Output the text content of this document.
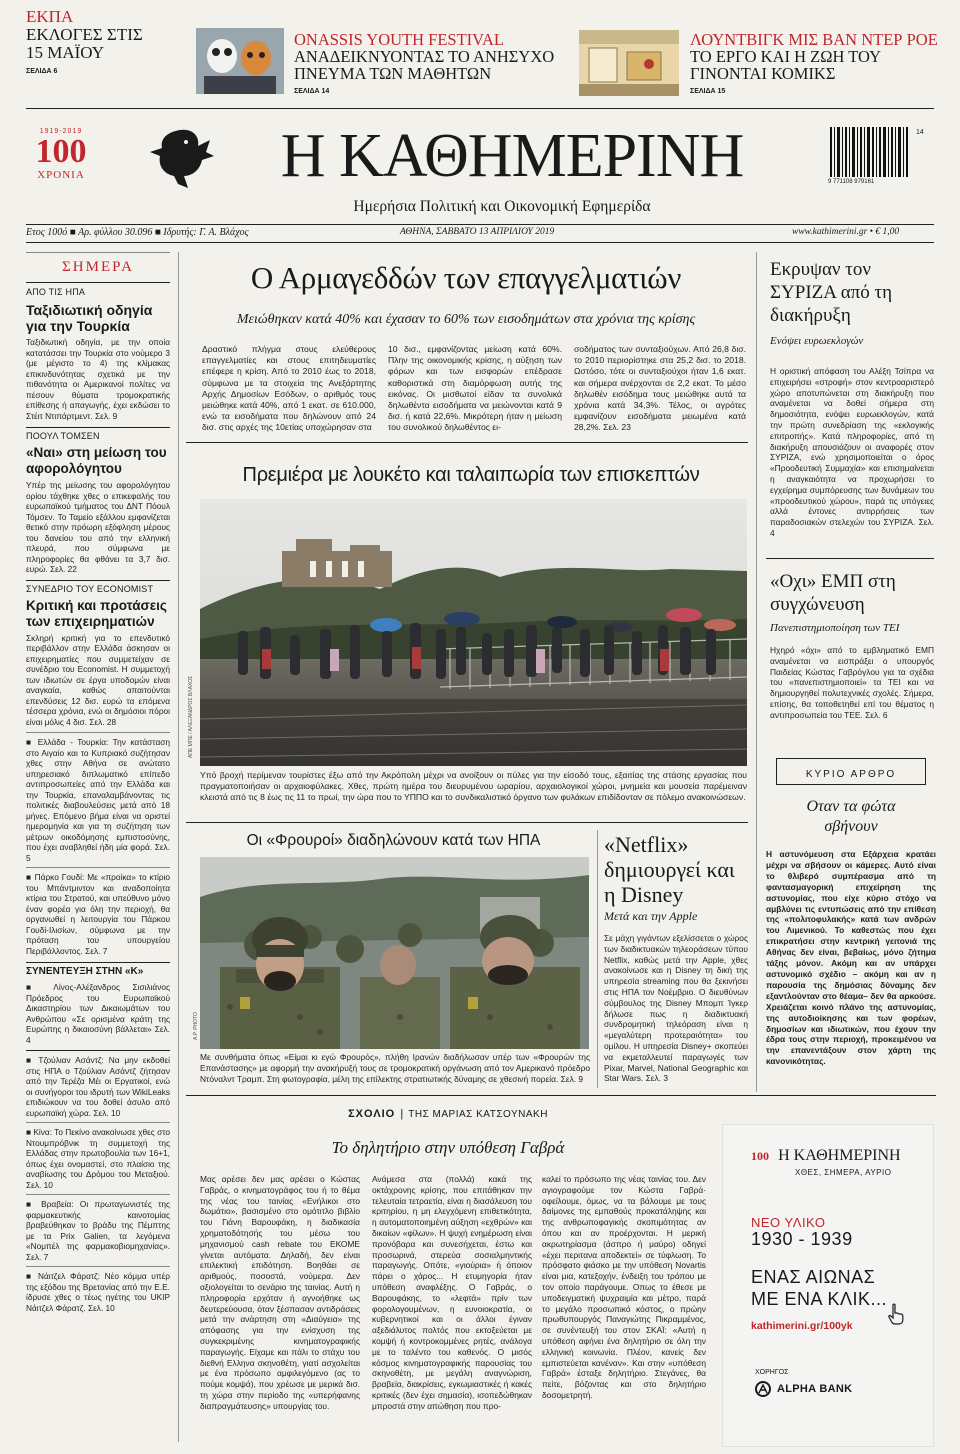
ΕΚΠΑ
ΕΚΛΟΓΕΣ ΣΤΙΣ 15 ΜΑΪΟΥ
ΣΕΛΙΔΑ 6
ONASSIS YOUTH FESTIVAL
ΑΝΑΔΕΙΚΝΥΟΝΤΑΣ ΤΟ ΑΝΗΣΥΧΟ ΠΝΕΥΜΑ ΤΩΝ ΜΑΘΗΤΩΝ
ΣΕΛΙΔΑ 14
ΛΟΥΝΤΒΙΓΚ ΜΙΣ ΒΑΝ ΝΤΕΡ ΡΟΕ
ΤΟ ΕΡΓΟ ΚΑΙ Η ΖΩΗ ΤΟΥ ΓΙΝΟΝΤΑΙ ΚΟΜΙΚΣ
ΣΕΛΙΔΑ 15
1919-2019
100
ΧΡΟΝΙΑ	Η ΚΑΘΗΜΕΡΙΝΗ
Ημερήσια Πολιτική και Οικονομική Εφημερίδα
9 771108 979161
14
Ετος 100ό ■ Αρ. φύλλου 30.096 ■ Ιδρυτής: Γ. Α. Βλάχος	ΑΘΗΝΑ, ΣΑΒΒΑΤΟ 13 ΑΠΡΙΛΙΟΥ 2019	www.kathimerini.gr • € 1,00
ΣΗΜΕΡΑ
ΑΠΟ ΤΙΣ ΗΠΑ
Ταξιδιωτική οδηγία για την Τουρκία
Ταξιδιωτική οδηγία, με την οποία κατατάσσει την Τουρκία στο νούμερο 3 (με μέγιστο το 4) της κλίμακας επικινδυνότητας σχετικά με την πιθανότητα οι Αμερικανοί πολίτες να πέσουν θύματα τρομοκρατικής επίθεσης ή απαγωγής, έχει εκδώσει το Στέιτ Ντιπάρτμεντ. Σελ. 9
ΠΟΟΥΛ ΤΟΜΣΕΝ
«Ναι» στη μείωση του αφορολόγητου
Υπέρ της μείωσης του αφορολόγητου ορίου τάχθηκε χθες ο επικεφαλής του ευρωπαϊκού τμήματος του ΔΝΤ Πόουλ Τόμσεν. Το Ταμείο εξάλλου εμφανίζεται θετικό στην πρόωρη εξόφληση μέρους του δανείου του από την ελληνική πλευρά, που σύμφωνα με πληροφορίες θα φθάνει τα 3,7 δισ. ευρώ. Σελ. 22
ΣΥΝΕΔΡΙΟ ΤΟΥ ECONOMIST
Κριτική και προτάσεις των επιχειρηματιών
Σκληρή κριτική για το επενδυτικό περιβάλλον στην Ελλάδα άσκησαν οι επιχειρηματίες που συμμετείχαν σε συνέδριο του Economist. Η συμμετοχή των ιδιωτών σε έργα υποδομών είναι αναγκαία, καθώς απαιτούνται επενδύσεις 12 δισ. ευρώ τα επόμενα τέσσερα χρόνια, ενώ οι δημόσιοι πόροι είναι μόλις 4 δισ. Σελ. 28
■ Ελλάδα - Τουρκία: Την κατάσταση στο Αιγαίο και το Κυπριακό συζήτησαν χθες στην Αθήνα σε ανώτατο υπηρεσιακό διπλωματικό επίπεδο αντιπροσωπείες από την Ελλάδα και την Τουρκία, επαναλαμβάνοντας τις πολιτικές διαβουλεύσεις μετά από 18 μήνες. Επόμενο βήμα είναι να οριστεί ημερομηνία και για τη συζήτηση των μέτρων οικοδόμησης εμπιστοσύνης, που έχει αναβληθεί ήδη μία φορά. Σελ. 5
■ Πάρκο Γουδί: Με «προίκα» το κτίριο του Μπάντμιντον και αναδοποίητα κτίρια του Στρατού, και υπεύθυνο μόνο έναν φορέα για όλη την περιοχή, θα οργανωθεί η λειτουργία του Πάρκου Γουδί-Ιλισίων, σύμφωνα με την πρόταση του υπουργείου Περιβάλλοντος. Σελ. 7
ΣΥΝΕΝΤΕΥΞΗ ΣΤΗΝ «Κ»
■ Λίνος-Αλέξανδρος Σισιλιάνος Πρόεδρος του Ευρωπαϊκού Δικαστηρίου των Δικαιωμάτων του Ανθρώπου «Σε ορισμένα κράτη της Ευρώπης η δικαιοσύνη βάλλεται» Σελ. 4
■ Τζούλιαν Ασάντζ: Να μην εκδοθεί στις ΗΠΑ ο Τζούλιαν Ασάντζ ζήτησαν από την Τερέζα Μέι οι Εργατικοί, ενώ οι συνήγοροι του ιδρυτή των WikiLeaks επιδιώκουν να του δοθεί άσυλο από ευρωπαϊκή χώρα. Σελ. 10
■ Κίνα: Το Πεκίνο ανακοίνωσε χθες στο Ντουμπρόβνικ τη συμμετοχή της Ελλάδας στην πρωτοβουλία των 16+1, όπως έχει ονομαστεί, στο πλαίσιο της αναβίωσης του Δρόμου του Μεταξιού. Σελ. 10
■ Βραβεία: Οι πρωταγωνιστές της φαρμακευτικής καινοτομίας βραβεύθηκαν το βράδυ της Πέμπτης με τα Prix Galien, τα λεγόμενα «Νομπέλ της φαρμακοβιομηχανίας». Σελ. 7
■ Νάιτζελ Φάρατζ: Νέο κόμμα υπέρ της εξόδου της Βρετανίας από την Ε.Ε. ίδρυσε χθες ο τέως ηγέτης του UKIP Νάιτζελ Φάρατζ. Σελ. 10
Ο Αρμαγεδδών των επαγγελματιών
Μειώθηκαν κατά 40% και έχασαν το 60% των εισοδημάτων στα χρόνια της κρίσης
Δραστικό πλήγμα στους ελεύθερους επαγγελματίες και στους επιτηδευματίες επέφερε η κρίση. Από το 2010 έως το 2018, σύμφωνα με τα στοιχεία της Ανεξάρτητης Αρχής Δημοσίων Εσόδων, ο αριθμός τους μειώθηκε κατά 40%, από 1 εκατ. σε 610.000, ενώ τα εισοδήματα που δηλώνουν από 24 δισ. στις αρχές της 10ετίας υποχώρησαν στα
10 δισ., εμφανίζοντας μείωση κατά 60%. Πλην της οικονομικής κρίσης, η αύξηση των φόρων και των εισφορών επέδρασε καθοριστικά στη διαμόρφωση αυτής της εικόνας. Οι μισθωτοί είδαν τα συνολικά δηλωθέντα εισοδήματα να μειώνονται κατά 9 δισ. ή κατά 22,6%. Μικρότερη ήταν η μείωση του συνολικού δηλωθέντος ει-
σοδήματος των συνταξιούχων. Από 26,8 δισ. το 2010 περιορίστηκε στα 25,2 δισ. το 2018. Ωστόσο, τότε οι συνταξιούχοι ήταν 1,6 εκατ. και σήμερα ανέρχονται σε 2,2 εκατ. Το μέσο δηλωθέν εισόδημα τους μειώθηκε αυτά τα χρόνια κατά 34,3%. Τέλος, οι αγρότες εμφανίζουν εισοδήματα μειωμένα κατά 28,2%. Σελ. 23
Πρεμιέρα με λουκέτο και ταλαιπωρία των επισκεπτών
ΑΠΕ ΜΠΕ / ΑΛΕΞΑΝΔΡΟΣ ΒΛΑΧΟΣ
Υπό βροχή περίμεναν τουρίστες έξω από την Ακρόπολη μέχρι να ανοίξουν οι πύλες για την είσοδό τους, εξαιτίας της στάσης εργασίας που πραγματοποιήσαν οι αρχαιοφύλακες. Χθες, πρώτη ημέρα του διευρυμένου ωραρίου, αρχαιολογικοί χώροι, μνημεία και μουσεία παρέμειναν κλειστά από τις 8 έως τις 11 το πρωί, την ώρα που το ΥΠΠΟ και το συνδικαλιστικό όργανο των φυλάκων επιδίδονταν σε πόλεμο ανακοινώσεων.
Οι «Φρουροί» διαδηλώνουν κατά των ΗΠΑ
A.P. PHOTO
Με συνθήματα όπως «Είμαι κι εγώ Φρουρός», πλήθη Ιρανών διαδήλωσαν υπέρ των «Φρουρών της Επανάστασης» με αφορμή την ανακήρυξή τους σε τρομοκρατική οργάνωση από τον Αμερικανό πρόεδρο Ντόναλντ Τραμπ. Στη φωτογραφία, μέλη της επίλεκτης στρατιωτικής δύναμης σε χθεσινή πορεία. Σελ. 9
«Netflix» δημιουργεί και η Disney
Μετά και την Apple
Σε μάχη γιγάντων εξελίσσεται ο χώρος των διαδικτυακών τηλεοράσεων τύπου Netflix, καθώς μετά την Apple, χθες ανακοίνωσε και η Disney τη δική της υπηρεσία streaming που θα ξεκινήσει στις ΗΠΑ τον Νοέμβριο. Ο διευθύνων σύμβουλος της Disney Μπομπ Ίγκερ δήλωσε πως η διαδικτυακή συνδρομητική τηλεόραση είναι η «μεγαλύτερη προτεραιότητα» του ομίλου. Η υπηρεσία Disney+ σκοπεύει να εκμεταλλευτεί παραγωγές των Pixar, Marvel, National Geographic και Star Wars. Σελ. 3
Εκρυψαν τον ΣΥΡΙΖΑ από τη διακήρυξη
Ενόψει ευρωεκλογών
Η οριστική απόφαση του Αλέξη Τσίπρα να επιχειρήσει «στροφή» στον κεντροαριστερό χώρο αποτυπώνεται στη διακήρυξη που αναμένεται να δοθεί σήμερα στη δημοσιότητα, ενόψει ευρωεκλογών, κατά την πρώτη συνεδρίαση της «εκλογικής επιτροπής». Κατά πληροφορίες, από τη διακήρυξη απουσιάζουν οι αναφορές στον ΣΥΡΙΖΑ, ενώ χρησιμοποιείται ο όρος «Προοδευτική Συμμαχία» και επισημαίνεται η αναγκαιότητα να προχωρήσει το εγχείρημα συμπόρευσης των δυνάμεων του «προοδευτικού χώρου», παρά τις υπόγειες αλλά έντονες αντιρρήσεις των παραδοσιακών στελεχών του ΣΥΡΙΖΑ. Σελ. 4
«Οχι» ΕΜΠ στη συγχώνευση
Πανεπιστημιοποίηση των ΤΕΙ
Ηχηρό «όχι» από το εμβληματικό ΕΜΠ αναμένεται να εισπράξει ο υπουργός Παιδείας Κώστας Γαβρόγλου για τα σχέδια του «πανεπιστημιοποιεί» τα ΤΕΙ και να δημιουργηθεί πολυτεχνικές σχολές. Σήμερα, επίσης, θα τοποθετηθεί επί του θέματος η αντιπροσωπεία του ΤΕΕ. Σελ. 6
ΚΥΡΙΟ ΑΡΘΡΟ
Οταν τα φώτα σβήνουν
Η αστυνόμευση στα Εξάρχεια κρατάει μέχρι να σβήσουν οι κάμερες. Αυτό είναι το θλιβερό συμπέρασμα από τη φαντασμαγορική επιχείρηση της αστυνομίας, που είχε κύριο στόχο να αμβλύνει τις εντυπώσεις από την επίθεση της «πολιτοφυλακής» κατά των ανδρών του Λιμενικού. Το καθεστώς που έχει επικρατήσει στην κεντρική γειτονιά της Αθήνας δεν είναι, βεβαίως, μόνο ζήτημα τάξης μόνον. Ακόμη και αν υπάρχει αστυνομικό σχέδιο – ακόμη και αν η παρουσία της δημόσιας δύναμης δεν εξαντλούνταν στο θέαμα– δεν θα αρκούσε. Χρειάζεται κοινό πλάνο της αστυνομίας, της αυτοδιοίκησης και των φορέων, δημοσίων και ιδιωτικών, που έχουν την έδρα τους στην περιοχή, προκειμένου να την επανεντάξουν στον χάρτη της κανονικότητας.
ΣΧΟΛΙΟ | ΤΗΣ ΜΑΡΙΑΣ ΚΑΤΣΟΥΝΑΚΗ
Το δηλητήριο στην υπόθεση Γαβρά
Μας αρέσει δεν μας αρέσει ο Κώστας Γαβράς, ο κινηματογράφος του ή το θέμα της νέας του ταινίας «Ενήλικοι στο δωμάτιο», βασισμένο στο ομότιτλο βιβλίο του Γιάνη Βαρουφάκη, η διαδικασία χρηματοδότησής του μέσω του μηχανισμού cash rebate του ΕΚΟΜΕ γίνεται αυτόματα. Δηλαδή, δεν είναι επιλεκτική επιδότηση. Βοηθάει σε αριθμούς, ποσοστά, νούμερα. Δεν αξιολογείται το σενάριο της ταινίας. Αυτή η πληροφορία ερχόταν ή αγνοήθηκε ως δευτερεύουσα, όταν ξέσπασαν αντιδράσεις μετά την ανάρτηση στη «Διαύγεια» της απόφασης για την ενίσχυση της συγκεκριμένης κινηματογραφικής παραγωγής. Είχαμε και πάλι το στάχυ του διεθνή Ελληνα σκηνοθέτη, γιατί ασχολείται με ένα πρόσωπο αμφιλεγόμενο (ας το πούμε κομψά), που χρέωσε με μερικά δισ. τη χώρα στην περίοδο της «υπερήφανης διαπραγμάτευσης» υπουργίας του.
Ανάμεσα στα (πολλά) κακά της οκτάχρονης κρίσης, που επιτάθηκαν την τελευταία τετραετία, είναι η διασάλευση του κριτηρίου, η μη ελεγχόμενη επιθετικότητα, η αυτοματοποιημένη αύξηση «εχθρών» και δικαίων «φίλων». Η ψυχή ενημέρωση είναι προνόβαρα και συνεσήχεται, έστω και προσωρινά, στερεύα σοσιαλμηντικής παραγωγής. Οπότε, «γιούρια» ή όποιον πάρει ο χάρος... Η ετυμηγορία ήταν υπόθεση αναφλέξης. Ο Γαβράς, ο Βαρουφάκης, το «λεφτά» πρίν των φορολογουμένων, η ευνοιοκρατία, οι κυβερνητικοί και οι άλλοι έγιναν αξεδιάλυτος πολτός που εκτοξεύεται με κομψή ή κοντροκομμένες ρητές, ανάλογα με το ταλέντο του καθενός. Ο μισός κόσμος κινηματογραφικής παρουσίας του σκηνοθέτη, με μεγάλη αναγνώριση, βραβεία, διακρίσεις, εγκωμιαστικές ή κακές κριτικές (δεν έχει σημασία), ισοπεδώθηκαν μπροστά στην απώθηση που προ-
καλεί το πρόσωπο της νέας ταινίας του. Δεν αγιογραφούμε τον Κώστα Γαβρά· οφείλουμε, όμως, να τα βάλουμε με τους δαίμονες της εμπαθούς προκατάληψης και της ανθρωποφαγικής σκοπιμότητας αν όπου και αν προέρχονται. Η μερική ακρωτηρίασμα (άσπρο ή μαύρο) οδηγεί «έχει περιτανα αποδεκτεί» σε τύφλωση. Το πρόσφατο φιάσκο με την υπόθεση Novartis είναι μια, κατεξοχήν, ένδειξη του τρόπου με τον οποίο παράγουμε. Οπως το έθεσε με υποδειγματική ψυχραιμία και μέτρο, παρά το μεγάλο προσωπικό κόστος, ο πρώην πρωθυπουργός Παναγιώτης Πικραμμένος, σε συνέντευξή του στον ΣΚΑΪ: «Αυτή η υπόθεση αφήνει ένα δηλητήριο σε όλη την ελληνική κοινωνία. Πλέον, κανείς δεν εμπιστεύεται κανέναν». Και στην «υπόθεση Γαβρά» έσταξε δηλητήριο. Στεγάνες, θα πείτε, βόζοντας και στο δηλητήριο δοσομετρητή.
100 Η ΚΑΘΗΜΕΡΙΝΗ
ΧΘΕΣ, ΣΗΜΕΡΑ, ΑΥΡΙΟ
ΝΕΟ ΥΛΙΚΟ
1930 - 1939
ΕΝΑΣ ΑΙΩΝΑΣ
ΜΕ ΕΝΑ ΚΛΙΚ...
kathimerini.gr/100yk
ΧΟΡΗΓΟΣ
ALPHA BANK
